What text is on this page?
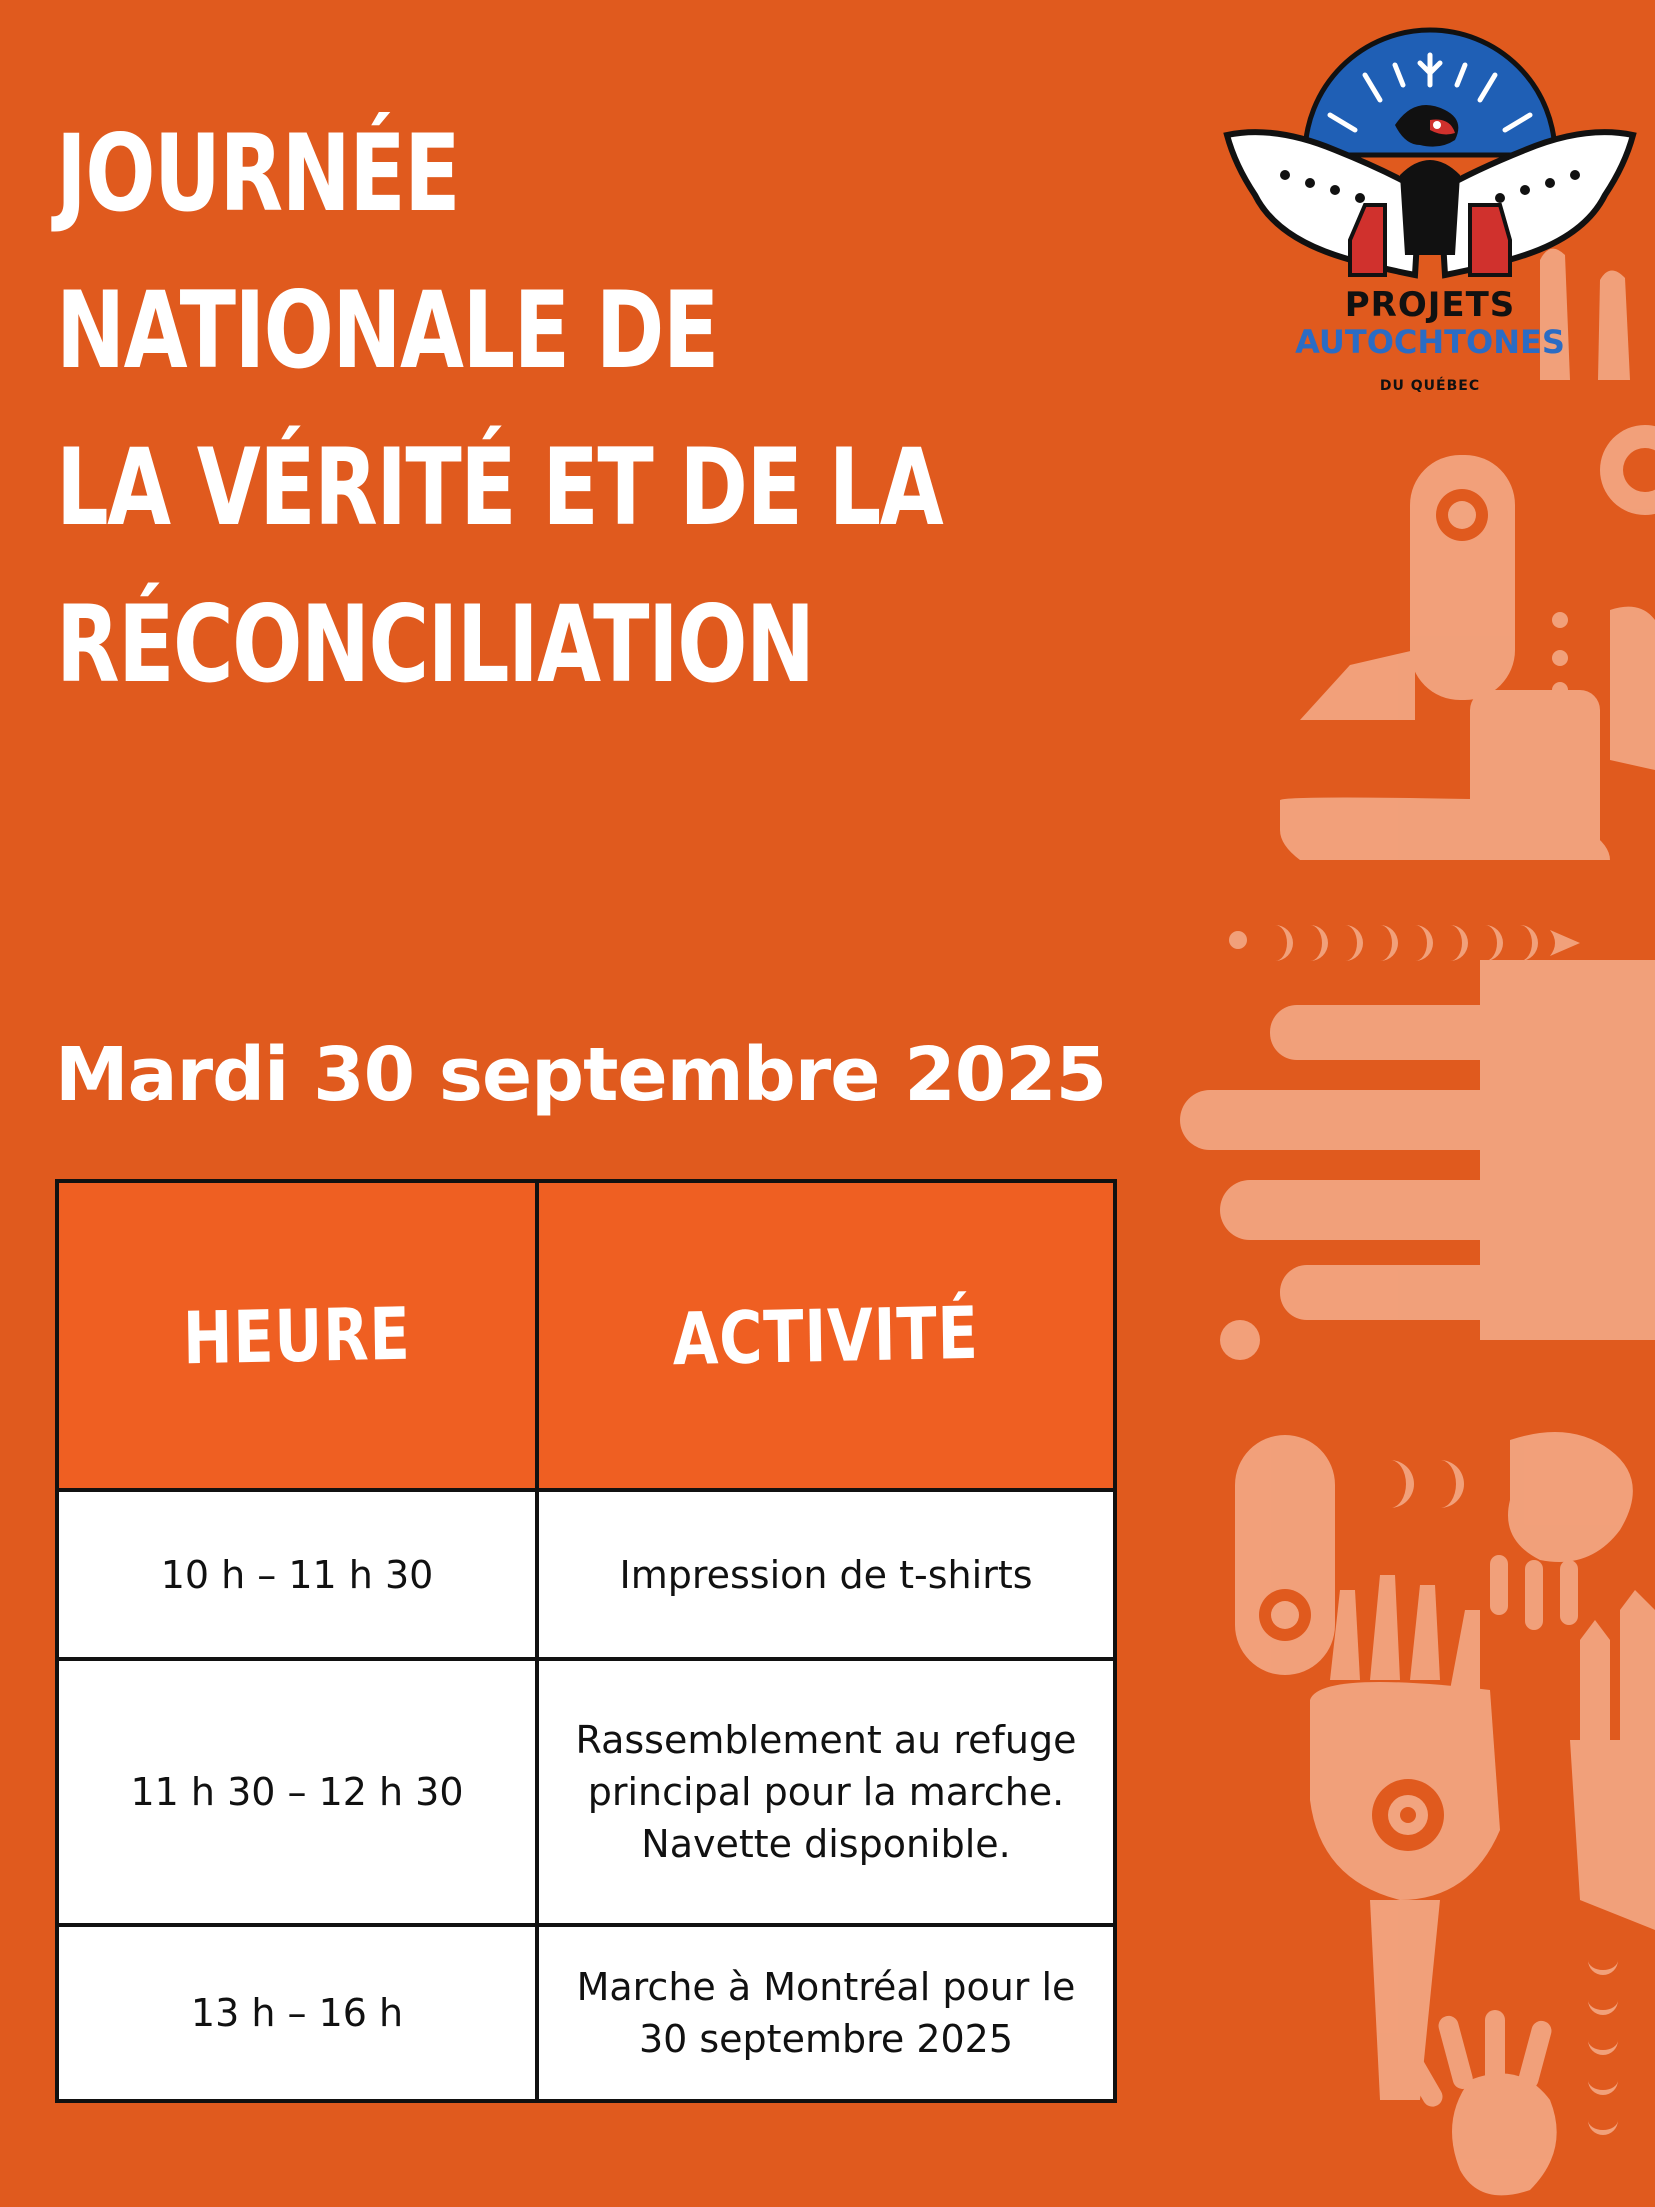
PROJETS
AUTOCHTONES
DU QUÉBEC
JOURNÉE
NATIONALE DE
LA VÉRITÉ ET DE LA
RÉCONCILIATION
Mardi 30 septembre 2025
HEURE	ACTIVITÉ
10 h – 11 h 30	Impression de t-shirts

11 h 30 – 12 h 30	Rassemblement au refuge
principal pour la marche.
Navette disponible.

13 h – 16 h	Marche à Montréal pour le
30 septembre 2025
